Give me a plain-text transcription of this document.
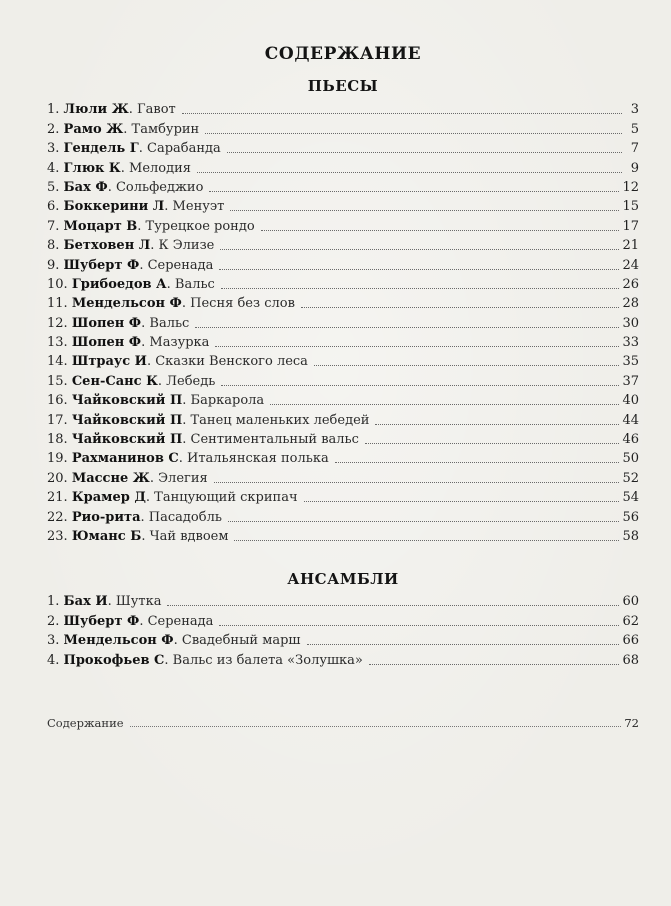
СОДЕРЖАНИЕ
ПЬЕСЫ
1.
Люли Ж . Гавот	3
2.
Рамо Ж . Тамбурин	5
3.
Гендель Г . Сарабанда	7
4.
Глюк К . Мелодия	9
5.
Бах Ф . Сольфеджио	12
6.
Боккерини Л . Менуэт	15
7.
Моцарт В . Турецкое рондо	17
8.
Бетховен Л . К Элизе	21
9.
Шуберт Ф . Серенада	24
10.
Грибоедов А . Вальс	26
11.
Мендельсон Ф . Песня без слов	28
12.
Шопен Ф . Вальс	30
13.
Шопен Ф . Мазурка	33
14.
Штраус И . Сказки Венского леса	35
15.
Сен-Санс К . Лебедь	37
16.
Чайковский П . Баркарола	40
17.
Чайковский П . Танец маленьких лебедей	44
18.
Чайковский П . Сентиментальный вальс	46
19.
Рахманинов С . Итальянская полька	50
20.
Массне Ж . Элегия	52
21.
Крамер Д . Танцующий скрипач	54
22.
Рио-рита . Пасадобль	56
23.
Юманс Б . Чай вдвоем	58
АНСАМБЛИ
1.
Бах И . Шутка	60
2.
Шуберт Ф . Серенада	62
3.
Мендельсон Ф . Свадебный марш	66
4.
Прокофьев С . Вальс из балета «Золушка»	68
Содержание	72
